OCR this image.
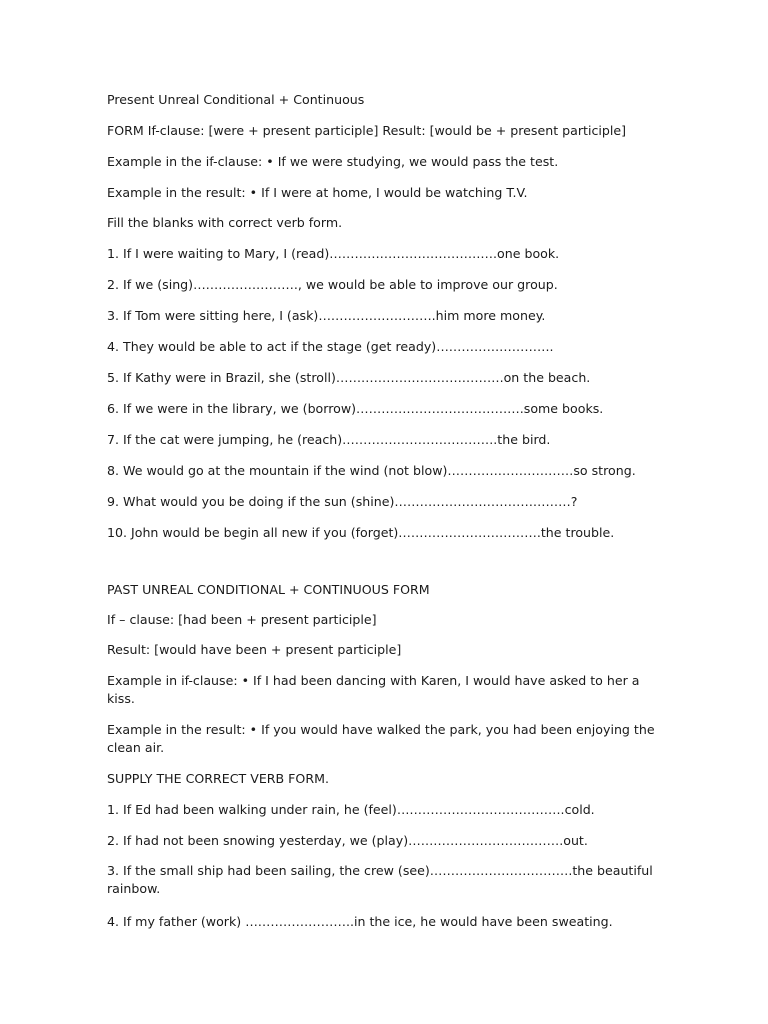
Present Unreal Conditional + Continuous
FORM If-clause: [were + present participle] Result: [would be + present participle]
Example in the if-clause: • If we were studying, we would pass the test.
Example in the result: • If I were at home, I would be watching T.V.
Fill the blanks with correct verb form.
1. If I were waiting to Mary, I (read)………………………………….one book.
2. If we (sing)……………………., we would be able to improve our group.
3. If Tom were sitting here, I (ask)……………………….him more money.
4. They would be able to act if the stage (get ready)……………………….
5. If Kathy were in Brazil, she (stroll)………………………………….on the beach.
6. If we were in the library, we (borrow)………………………………….some books.
7. If the cat were jumping, he (reach)……………………………….the bird.
8. We would go at the mountain if the wind (not blow)…………………………so strong.
9. What would you be doing if the sun (shine)……………………………………?
10. John would be begin all new if you (forget)…………………………….the trouble.
PAST UNREAL CONDITIONAL + CONTINUOUS FORM
If – clause: [had been + present participle]
Result: [would have been + present participle]
Example in if-clause: • If I had been dancing with Karen, I would have asked to her a kiss.
Example in the result: • If you would have walked the park, you had been enjoying the clean air.
SUPPLY THE CORRECT VERB FORM.
1. If Ed had been walking under rain, he (feel)………………………………….cold.
2. If had not been snowing yesterday, we (play)……………………………….out.
3. If the small ship had been sailing, the crew (see)…………………………….the beautiful rainbow.
4. If my father (work) ……………………..in the ice, he would have been sweating.
